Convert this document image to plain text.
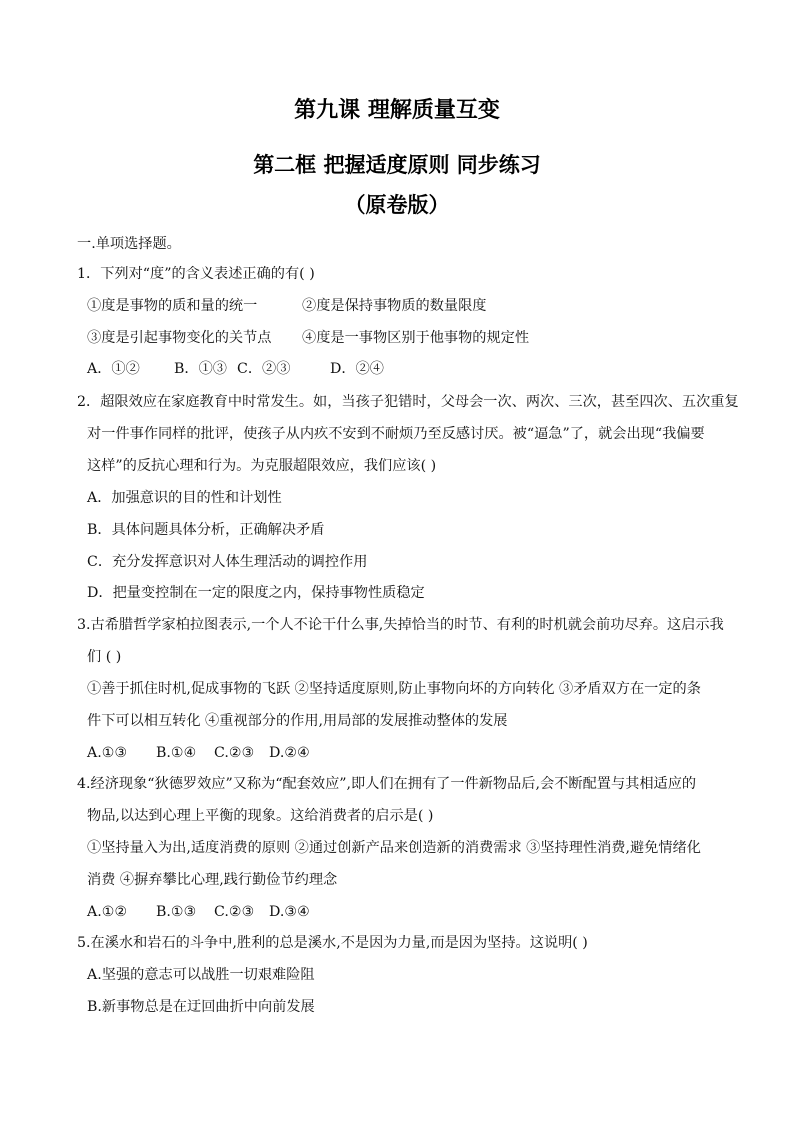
第九课 理解质量互变
第二框 把握适度原则 同步练习
（原卷版）
一.单项选择题。
1．下列对“度”的含义表述正确的有( )
①度是事物的质和量的统一	②度是保持事物质的数量限度
③度是引起事物变化的关节点 ④度是一事物区别于他事物的规定性
A．①② B．①③ C．②③	D．②④
2．超限效应在家庭教育中时常发生。如，当孩子犯错时，父母会一次、两次、三次，甚至四次、五次重复
对一件事作同样的批评，使孩子从内疚不安到不耐烦乃至反感讨厌。被“逼急”了，就会出现“我偏要
这样”的反抗心理和行为。为克服超限效应，我们应该( )
A．加强意识的目的性和计划性
B．具体问题具体分析，正确解决矛盾
C．充分发挥意识对人体生理活动的调控作用
D．把量变控制在一定的限度之内，保持事物性质稳定
3.古希腊哲学家柏拉图表示,一个人不论干什么事,失掉恰当的时节、有利的时机就会前功尽弃。这启示我
们 ( )
①善于抓住时机,促成事物的飞跃 ②坚持适度原则,防止事物向坏的方向转化 ③矛盾双方在一定的条
件下可以相互转化 ④重视部分的作用,用局部的发展推动整体的发展
A.①③ B.①④ C.②③ D.②④
4.经济现象“狄德罗效应”又称为“配套效应”,即人们在拥有了一件新物品后,会不断配置与其相适应的
物品,以达到心理上平衡的现象。这给消费者的启示是( )
①坚持量入为出,适度消费的原则 ②通过创新产品来创造新的消费需求 ③坚持理性消费,避免情绪化
消费 ④摒弃攀比心理,践行勤俭节约理念
A.①② B.①③ C.②③ D.③④
5.在溪水和岩石的斗争中,胜利的总是溪水,不是因为力量,而是因为坚持。这说明( )
A.坚强的意志可以战胜一切艰难险阻
B.新事物总是在迂回曲折中向前发展
